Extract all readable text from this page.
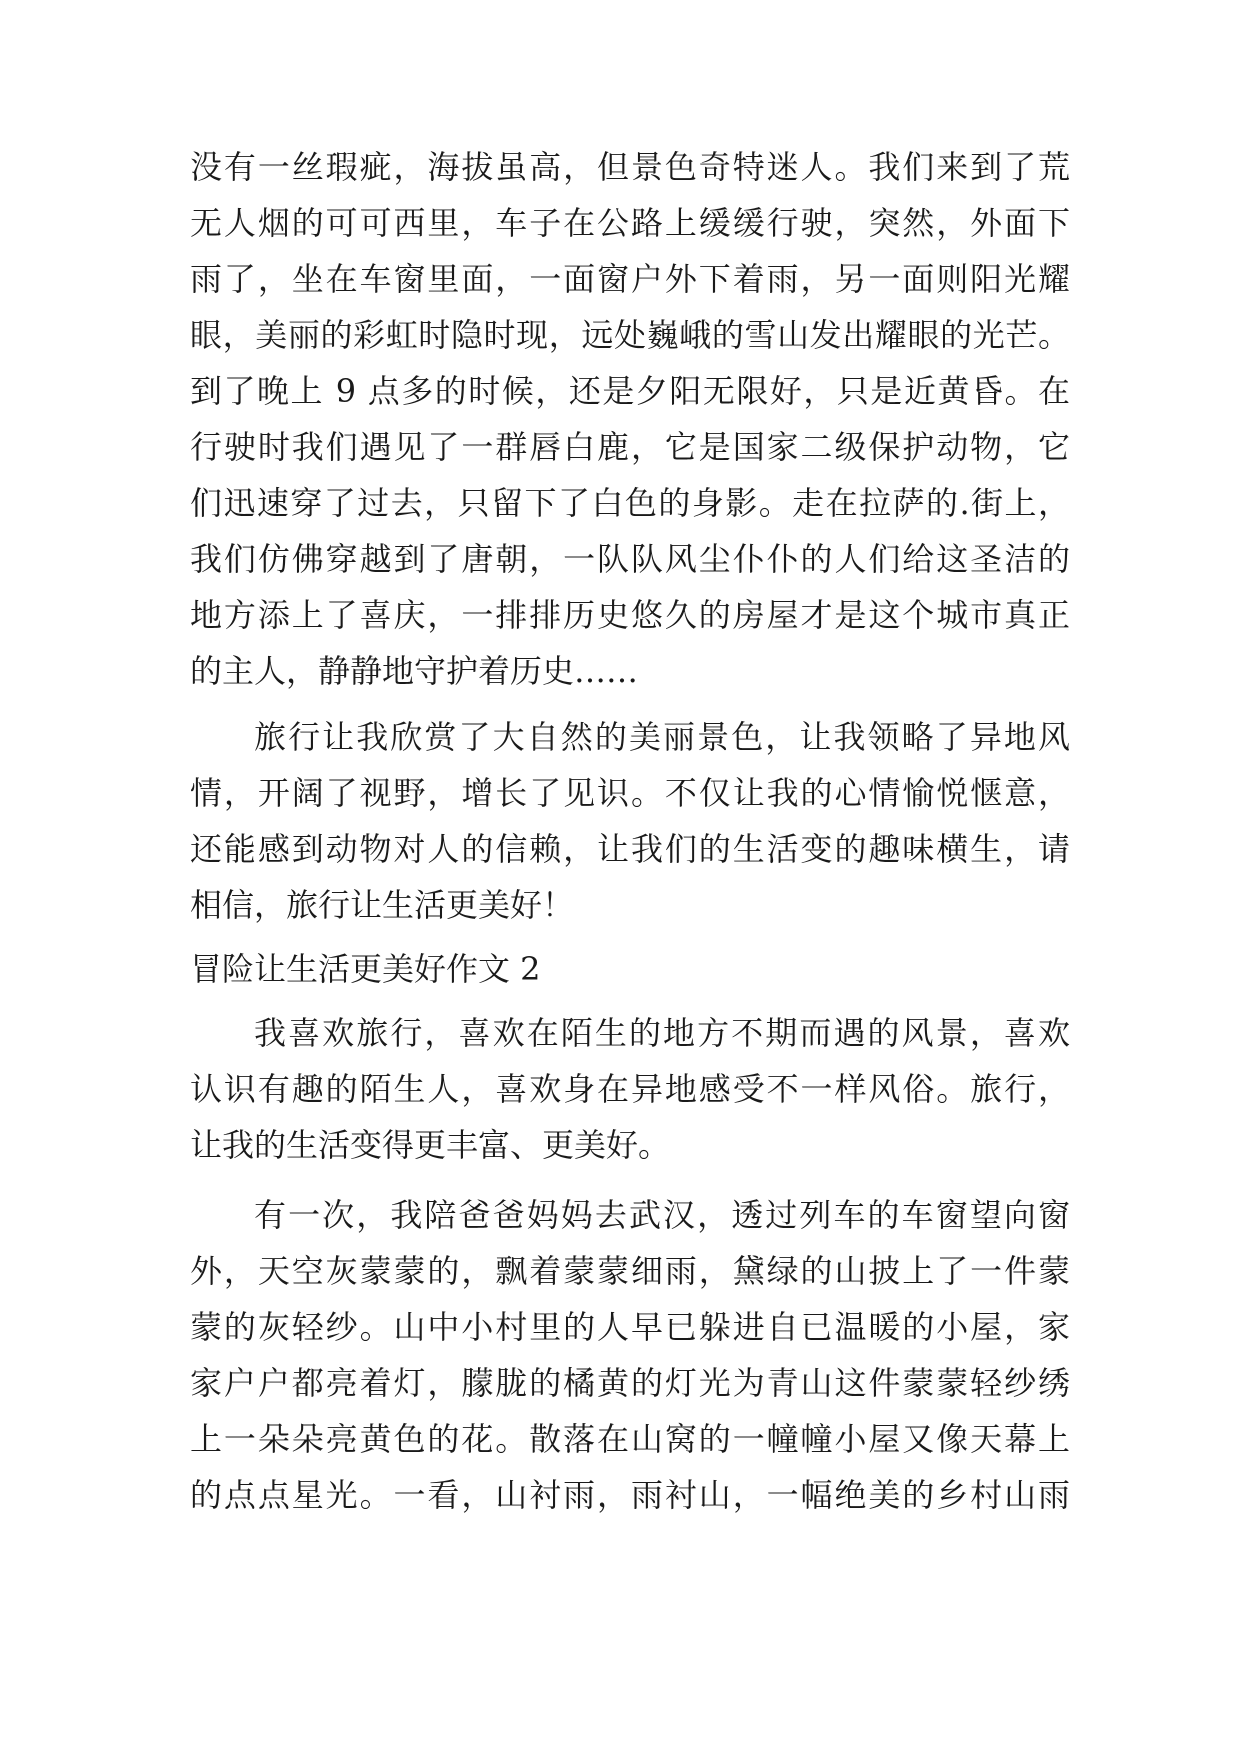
没有一丝瑕疵，海拔虽高，但景色奇特迷人。我们来到了荒
无人烟的可可西里，车子在公路上缓缓行驶，突然，外面下
雨了，坐在车窗里面，一面窗户外下着雨，另一面则阳光耀
眼，美丽的彩虹时隐时现，远处巍峨的雪山发出耀眼的光芒。
到了晚上 9 点多的时候，还是夕阳无限好，只是近黄昏。在
行驶时我们遇见了一群唇白鹿，它是国家二级保护动物，它
们迅速穿了过去，只留下了白色的身影。走在拉萨的.街上，
我们仿佛穿越到了唐朝，一队队风尘仆仆的人们给这圣洁的
地方添上了喜庆，一排排历史悠久的房屋才是这个城市真正
的主人，静静地守护着历史……
旅行让我欣赏了大自然的美丽景色，让我领略了异地风
情，开阔了视野，增长了见识。不仅让我的心情愉悦惬意，
还能感到动物对人的信赖，让我们的生活变的趣味横生，请
相信，旅行让生活更美好！
冒险让生活更美好作文 2
我喜欢旅行，喜欢在陌生的地方不期而遇的风景，喜欢
认识有趣的陌生人，喜欢身在异地感受不一样风俗。旅行，
让我的生活变得更丰富、更美好。
有一次，我陪爸爸妈妈去武汉，透过列车的车窗望向窗
外，天空灰蒙蒙的，飘着蒙蒙细雨，黛绿的山披上了一件蒙
蒙的灰轻纱。山中小村里的人早已躲进自已温暖的小屋，家
家户户都亮着灯，朦胧的橘黄的灯光为青山这件蒙蒙轻纱绣
上一朵朵亮黄色的花。散落在山窝的一幢幢小屋又像天幕上
的点点星光。一看，山衬雨，雨衬山，一幅绝美的乡村山雨
